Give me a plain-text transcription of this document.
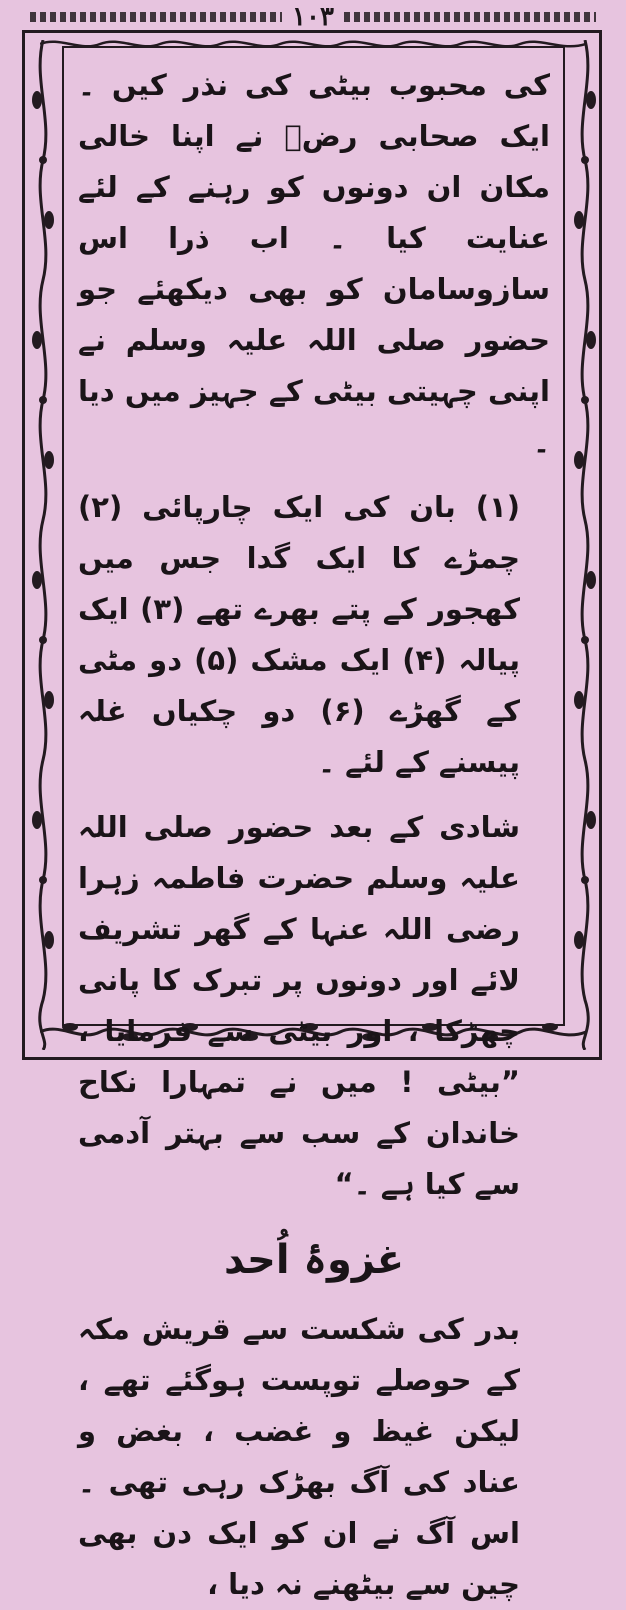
١٠٣

کی محبوب بیٹی کی نذر کیں ۔ ایک صحابی رضؓ نے اپنا خالی مکان ان دونوں کو رہنے کے لئے عنایت کیا ۔ اب ذرا اس سازوسامان کو بھی دیکھئے جو حضور صلی اللہ علیہ وسلم نے اپنی چہیتی بیٹی کے جہیز میں دیا ۔

(۱) بان کی ایک چارپائی (۲) چمڑے کا ایک گدا جس میں کھجور کے پتے بھرے تھے (۳) ایک پیالہ (۴) ایک مشک (۵) دو مٹی کے گھڑے (۶) دو چکیاں غلہ پیسنے کے لئے ۔

شادی کے بعد حضور صلی اللہ علیہ وسلم حضرت فاطمہ زہرا رضی اللہ عنہا کے گھر تشریف لائے اور دونوں پر تبرک کا پانی چھڑکا ، اور بیٹی سے فرمایا ، ”بیٹی ! میں نے تمہارا نکاح خاندان کے سب سے بہتر آدمی سے کیا ہے ۔“

غزوۂ اُحد

بدر کی شکست سے قریش مکہ کے حوصلے توپست ہوگئے تھے ، لیکن غیظ و غضب ، بغض و عناد کی آگ بھڑک رہی تھی ۔ اس آگ نے ان کو ایک دن بھی چین سے بیٹھنے نہ دیا ،
